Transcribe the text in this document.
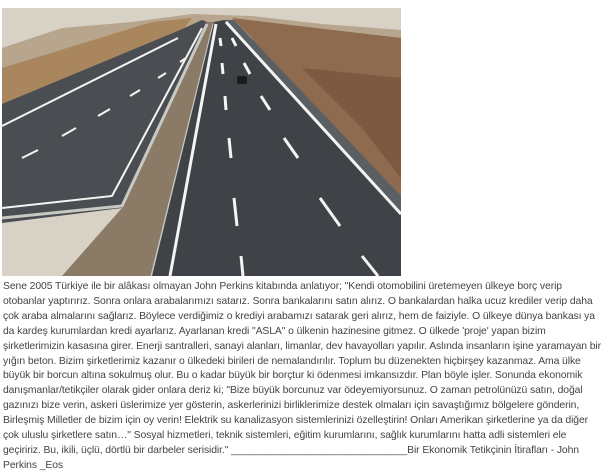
Sene 2005 Türkiye ile bir alâkası olmayan John Perkins kitabında anlatıyor; "Kendi otomobilini üretemeyen ülkeye borç verip otobanlar yaptırırız. Sonra onlara arabalarımızı satarız. Sonra bankalarını satın alırız. O bankalardan halka ucuz krediler verip daha çok araba almalarını sağlarız. Böylece verdiğimiz o krediyi arabamızı satarak geri alırız, hem de faiziyle. O ülkeye dünya bankası ya da kardeş kurumlardan kredi ayarlarız. Ayarlanan kredi "ASLA" o ülkenin hazinesine gitmez. O ülkede 'proje' yapan bizim şirketlerimizin kasasına girer. Enerji santralleri, sanayi alanları, limanlar, dev havayolları yapılır. Aslında insanların işine yaramayan bir yığın beton. Bizim şirketlerimiz kazanır o ülkedeki birileri de nemalandırılır. Toplum bu düzenekten hiçbirşey kazanmaz. Ama ülke büyük bir borcun altına sokulmuş olur. Bu o kadar büyük bir borçtur ki ödenmesi imkansızdır. Plan böyle işler. Sonunda ekonomik danışmanlar/tetikçiler olarak gider onlara deriz ki; "Bize büyük borcunuz var ödeyemiyorsunuz. O zaman petrolünüzü satın, doğal gazınızı bize verin, askeri üslerimize yer gösterin, askerlerinizi birliklerimize destek olmaları için savaştığımız bölgelere gönderin, Birleşmiş Milletler de bizim için oy verin! Elektrik su kanalizasyon sistemlerinizi özelleştirin! Onları Amerikan şirketlerine ya da diğer çok uluslu şirketlere satın…" Sosyal hizmetleri, teknik sistemleri, eğitim kurumlarını, sağlık kurumlarını hatta adli sistemleri ele geçiririz. Bu, ikili, üçlü, dörtlü bir darbeler serisidir." _______________________________Bir Ekonomik Tetikçinin İtirafları - John Perkins _Eos
